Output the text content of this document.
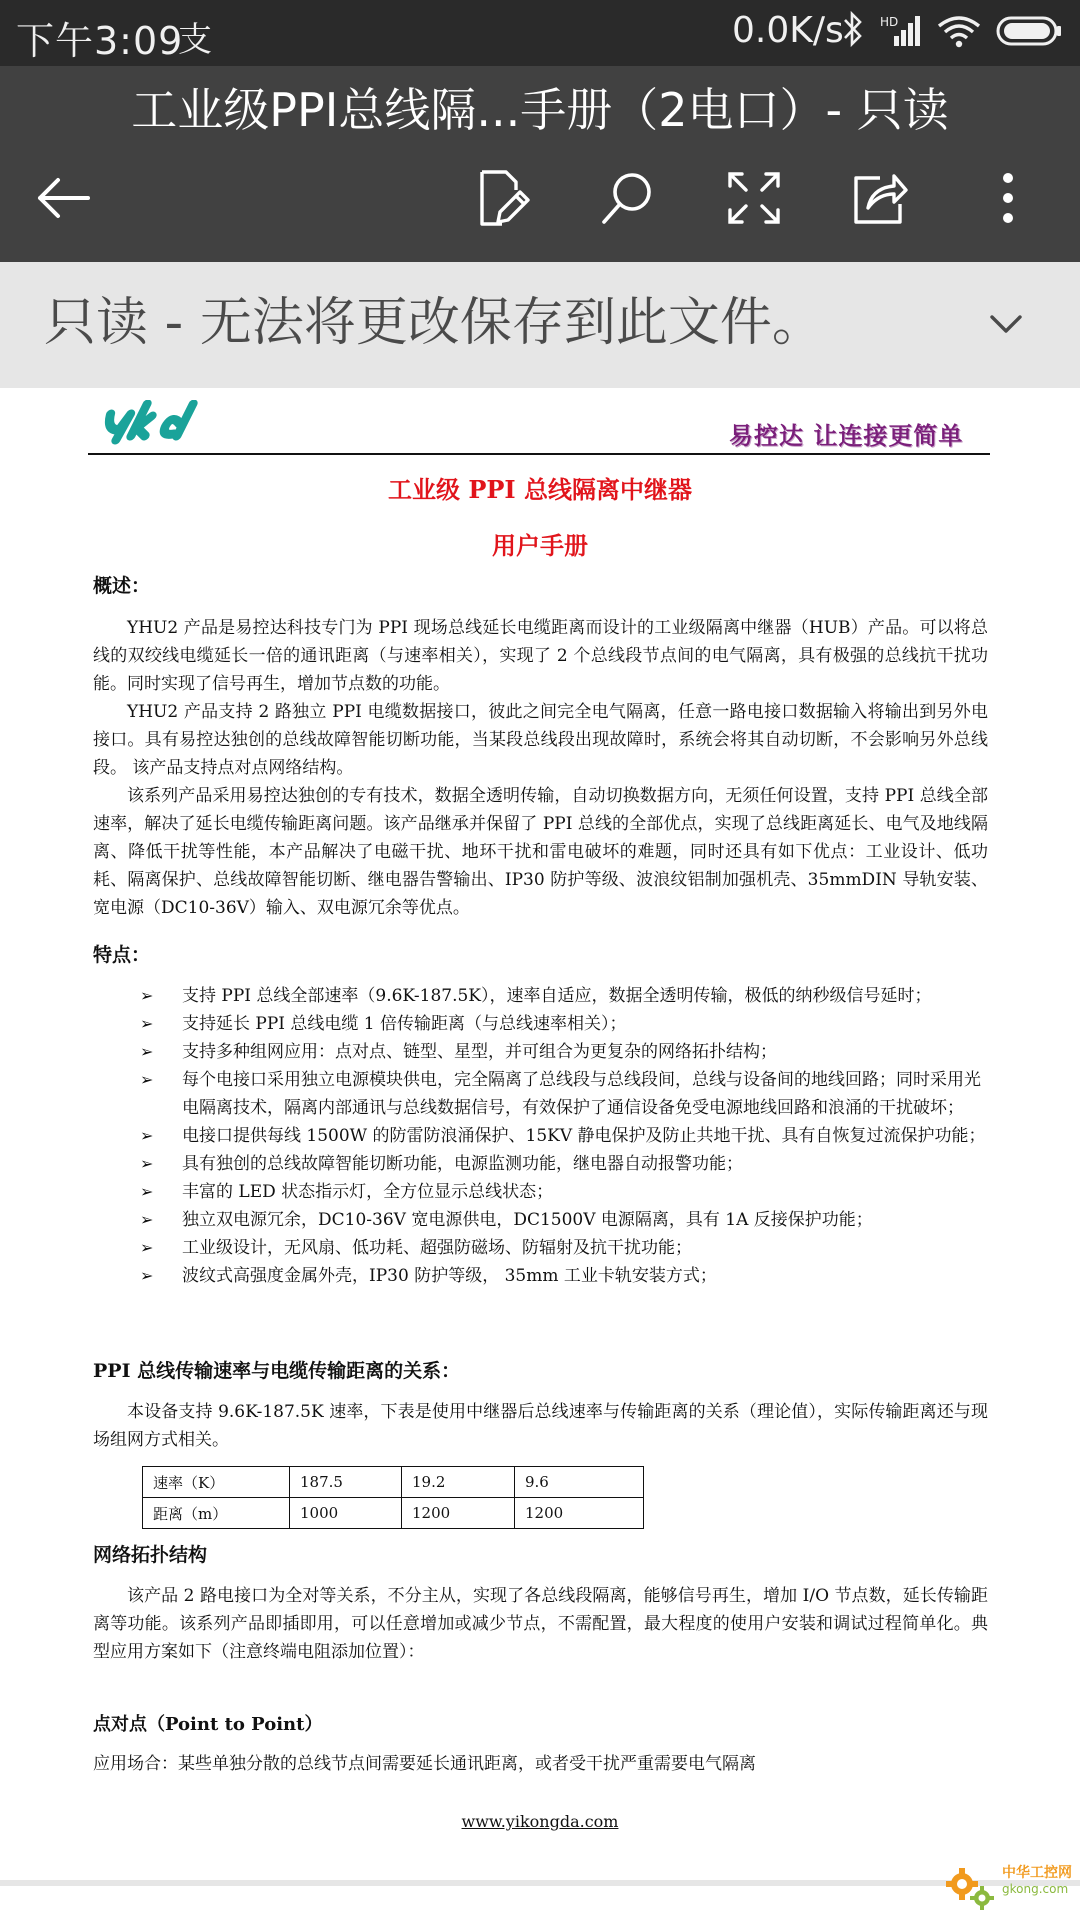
下午3:09
支	0.0K/s	HD
工业级PPI总线隔...手册（2电口）- 只读
只读 - 无法将更改保存到此文件。
易控达 让连接更简单
工业级 PPI 总线隔离中继器
用户手册
概述：

YHU2 产品是易控达科技专门为 PPI 现场总线延长电缆距离而设计的工业级隔离中继器（HUB）产品。可以将总线的双绞线电缆延长一倍的通讯距离（与速率相关），实现了 2 个总线段节点间的电气隔离，具有极强的总线抗干扰功能。同时实现了信号再生，增加节点数的功能。

YHU2 产品支持 2 路独立 PPI 电缆数据接口，彼此之间完全电气隔离，任意一路电接口数据输入将输出到另外电接口。具有易控达独创的总线故障智能切断功能，当某段总线段出现故障时，系统会将其自动切断，不会影响另外总线段。 该产品支持点对点网络结构。

该系列产品采用易控达独创的专有技术，数据全透明传输，自动切换数据方向，无须任何设置，支持 PPI 总线全部速率，解决了延长电缆传输距离问题。该产品继承并保留了 PPI 总线的全部优点，实现了总线距离延长、电气及地线隔离、降低干扰等性能，本产品解决了电磁干扰、地环干扰和雷电破坏的难题，同时还具有如下优点：工业设计、低功耗、隔离保护、总线故障智能切断、继电器告警输出、IP30 防护等级、波浪纹铝制加强机壳、35mmDIN 导轨安装、宽电源（DC10-36V）输入、双电源冗余等优点。

特点：
➢ 支持 PPI 总线全部速率（9.6K-187.5K），速率自适应，数据全透明传输，极低的纳秒级信号延时；
➢ 支持延长 PPI 总线电缆 1 倍传输距离（与总线速率相关）；
➢ 支持多种组网应用：点对点、链型、星型，并可组合为更复杂的网络拓扑结构；
➢ 每个电接口采用独立电源模块供电，完全隔离了总线段与总线段间，总线与设备间的地线回路；同时采用光电隔离技术，隔离内部通讯与总线数据信号，有效保护了通信设备免受电源地线回路和浪涌的干扰破坏；
➢ 电接口提供每线 1500W 的防雷防浪涌保护、15KV 静电保护及防止共地干扰、具有自恢复过流保护功能；
➢ 具有独创的总线故障智能切断功能，电源监测功能，继电器自动报警功能；
➢ 丰富的 LED 状态指示灯，全方位显示总线状态；
➢ 独立双电源冗余，DC10-36V 宽电源供电，DC1500V 电源隔离，具有 1A 反接保护功能；
➢ 工业级设计，无风扇、低功耗、超强防磁场、防辐射及抗干扰功能；
➢ 波纹式高强度金属外壳，IP30 防护等级， 35mm 工业卡轨安装方式；
PPI 总线传输速率与电缆传输距离的关系：

本设备支持 9.6K-187.5K 速率，下表是使用中继器后总线速率与传输距离的关系（理论值），实际传输距离还与现场组网方式相关。

速率（K）	187.5	19.2	9.6
距离（m）	1000	1200	1200
网络拓扑结构

该产品 2 路电接口为全对等关系，不分主从，实现了各总线段隔离，能够信号再生，增加 I/O 节点数，延长传输距离等功能。该系列产品即插即用，可以任意增加或减少节点，不需配置，最大程度的使用户安装和调试过程简单化。典型应用方案如下（注意终端电阻添加位置）：

点对点（Point to Point）

应用场合：某些单独分散的总线节点间需要延长通讯距离，或者受干扰严重需要电气隔离

www.yikongda.com
中华工控网
gkong.com
